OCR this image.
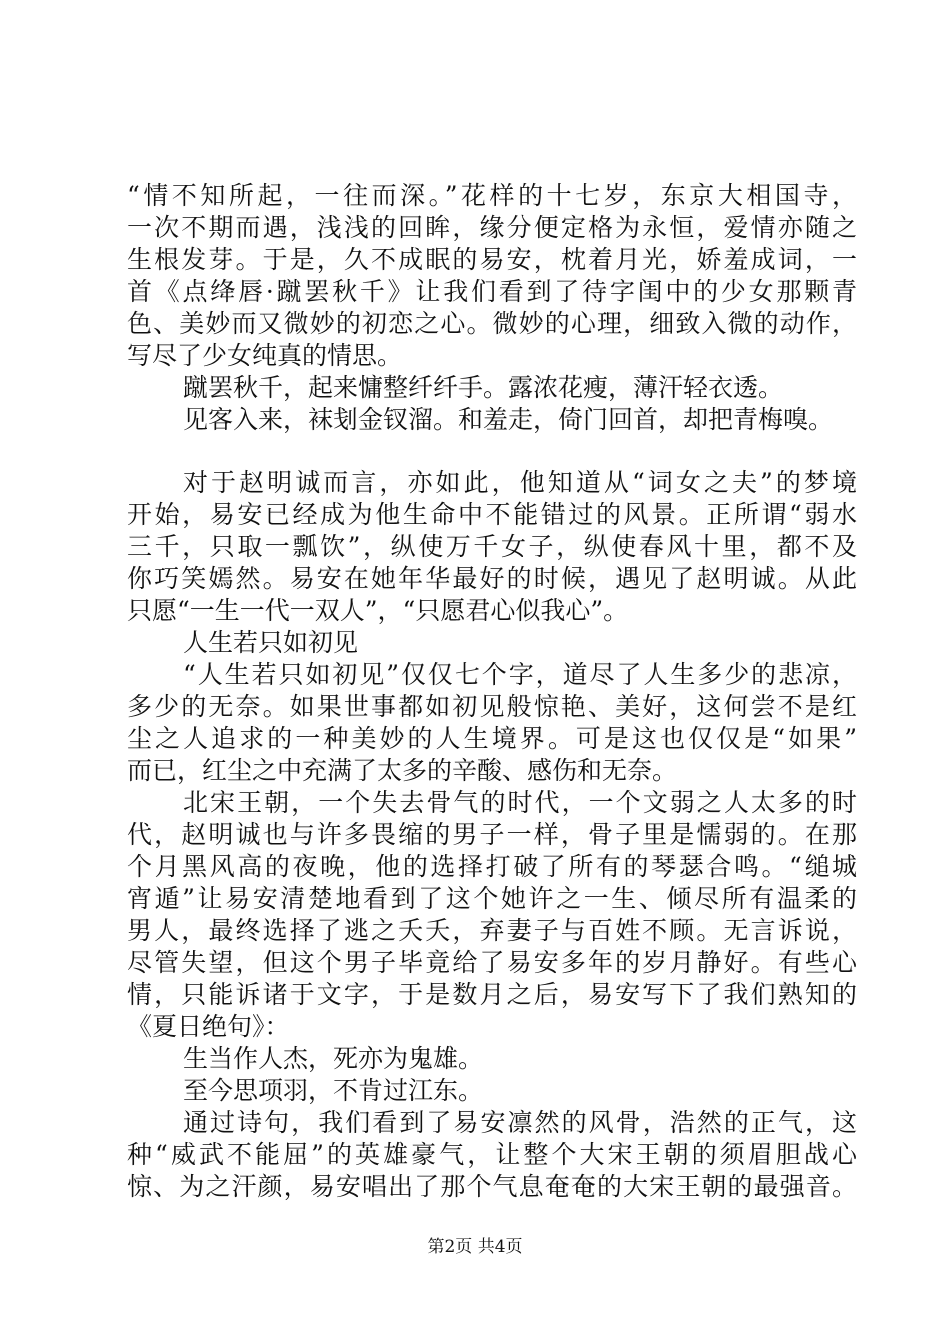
“情不知所起，一往而深。”花样的十七岁，东京大相国寺，
一次不期而遇，浅浅的回眸，缘分便定格为永恒，爱情亦随之
生根发芽。于是，久不成眠的易安，枕着月光，娇羞成词，一
首《点绛唇·蹴罢秋千》让我们看到了待字闺中的少女那颗青
色、美妙而又微妙的初恋之心。微妙的心理，细致入微的动作，
写尽了少女纯真的情思。
蹴罢秋千，起来慵整纤纤手。露浓花瘦，薄汗轻衣透。
见客入来，袜刬金钗溜。和羞走，倚门回首，却把青梅嗅。
对于赵明诚而言，亦如此，他知道从“词女之夫”的梦境
开始，易安已经成为他生命中不能错过的风景。正所谓“弱水
三千，只取一瓢饮”，纵使万千女子，纵使春风十里，都不及
你巧笑嫣然。易安在她年华最好的时候，遇见了赵明诚。从此
只愿“一生一代一双人”，“只愿君心似我心”。
人生若只如初见
“人生若只如初见”仅仅七个字，道尽了人生多少的悲凉，
多少的无奈。如果世事都如初见般惊艳、美好，这何尝不是红
尘之人追求的一种美妙的人生境界。可是这也仅仅是“如果”
而已，红尘之中充满了太多的辛酸、感伤和无奈。
北宋王朝，一个失去骨气的时代，一个文弱之人太多的时
代，赵明诚也与许多畏缩的男子一样，骨子里是懦弱的。在那
个月黑风高的夜晚，他的选择打破了所有的琴瑟合鸣。“缒城
宵遁”让易安清楚地看到了这个她许之一生、倾尽所有温柔的
男人，最终选择了逃之夭夭，弃妻子与百姓不顾。无言诉说，
尽管失望，但这个男子毕竟给了易安多年的岁月静好。有些心
情，只能诉诸于文字，于是数月之后，易安写下了我们熟知的
《夏日绝句》：
生当作人杰，死亦为鬼雄。
至今思项羽，不肯过江东。
通过诗句，我们看到了易安凛然的风骨，浩然的正气，这
种“威武不能屈”的英雄豪气，让整个大宋王朝的须眉胆战心
惊、为之汗颜，易安唱出了那个气息奄奄的大宋王朝的最强音。
第2页 共4页
